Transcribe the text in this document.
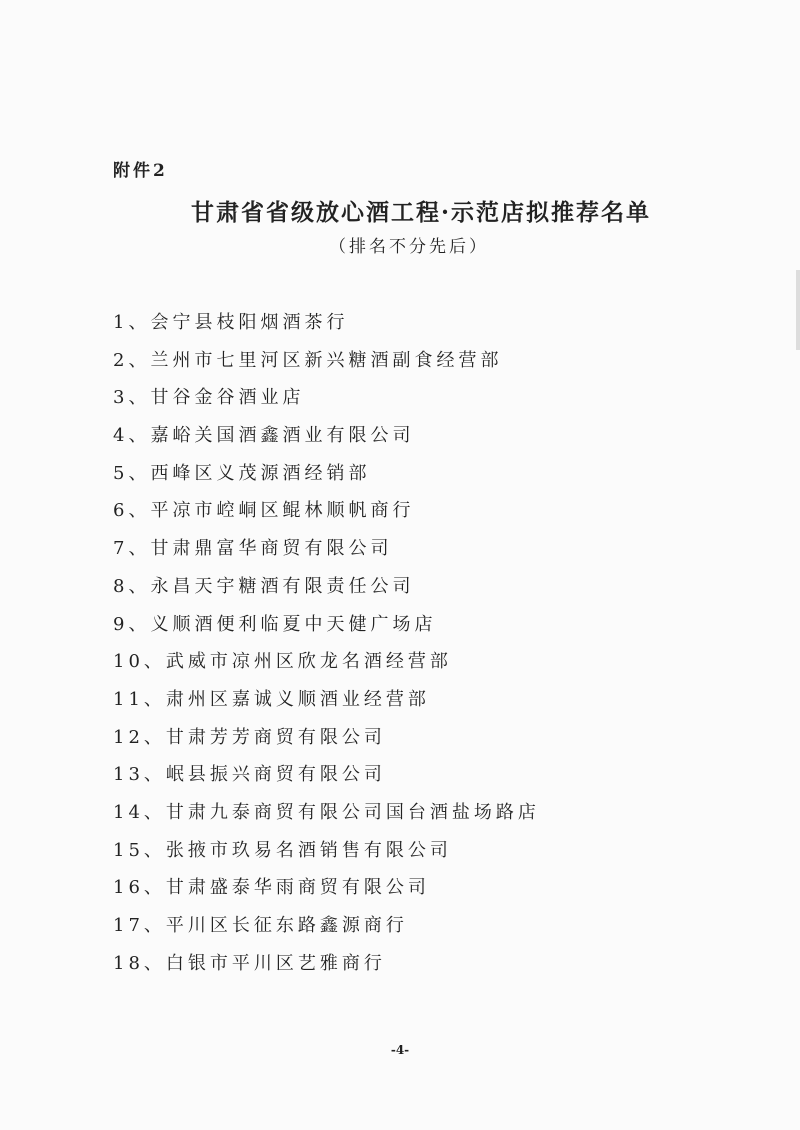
附件2
甘肃省省级放心酒工程·示范店拟推荐名单
（排名不分先后）
1、会宁县枝阳烟酒茶行
2、兰州市七里河区新兴糖酒副食经营部
3、甘谷金谷酒业店
4、嘉峪关国酒鑫酒业有限公司
5、西峰区义茂源酒经销部
6、平凉市崆峒区鲲林顺帆商行
7、甘肃鼎富华商贸有限公司
8、永昌天宇糖酒有限责任公司
9、义顺酒便利临夏中天健广场店
10、武威市凉州区欣龙名酒经营部
11、肃州区嘉诚义顺酒业经营部
12、甘肃芳芳商贸有限公司
13、岷县振兴商贸有限公司
14、甘肃九泰商贸有限公司国台酒盐场路店
15、张掖市玖易名酒销售有限公司
16、甘肃盛泰华雨商贸有限公司
17、平川区长征东路鑫源商行
18、白银市平川区艺雅商行
-4-
